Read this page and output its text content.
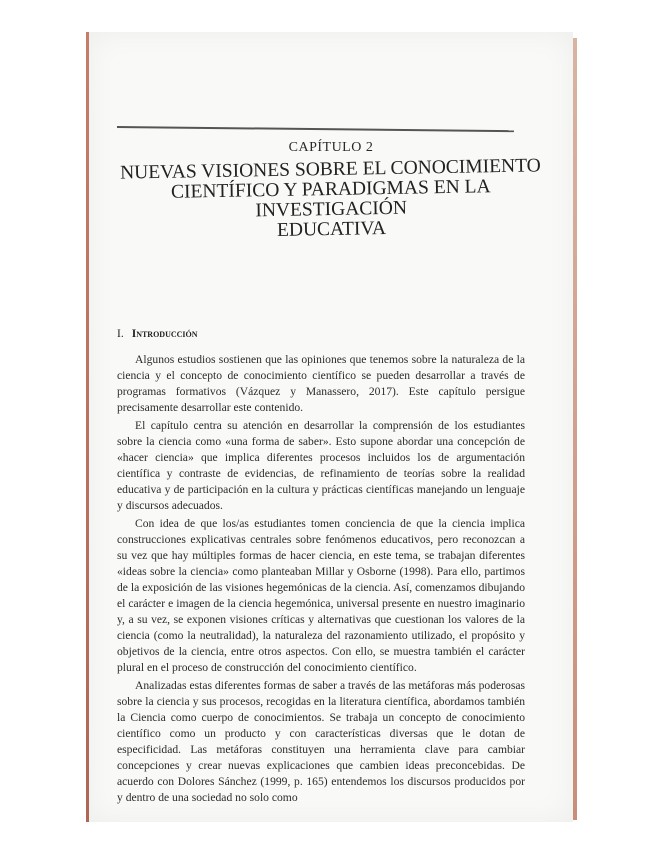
CAPÍTULO 2
NUEVAS VISIONES SOBRE EL CONOCIMIENTO
CIENTÍFICO Y PARADIGMAS EN LA INVESTIGACIÓN
EDUCATIVA
I. Introducción

Algunos estudios sostienen que las opiniones que tenemos sobre la naturaleza de la ciencia y el concepto de conocimiento científico se pueden desarrollar a través de programas formativos (Vázquez y Manassero, 2017). Este capítulo persigue precisamente desarrollar este contenido.

El capítulo centra su atención en desarrollar la comprensión de los estudiantes sobre la ciencia como «una forma de saber». Esto supone abordar una concepción de «hacer ciencia» que implica diferentes procesos incluidos los de argumentación científica y contraste de evidencias, de refinamiento de teorías sobre la realidad educativa y de participación en la cultura y prácticas científicas manejando un lenguaje y discursos adecuados.

Con idea de que los/as estudiantes tomen conciencia de que la ciencia implica construcciones explicativas centrales sobre fenómenos educativos, pero reconozcan a su vez que hay múltiples formas de hacer ciencia, en este tema, se trabajan diferentes «ideas sobre la ciencia» como planteaban Millar y Osborne (1998). Para ello, partimos de la exposición de las visiones hegemónicas de la ciencia. Así, comenzamos dibujando el carácter e imagen de la ciencia hegemónica, universal presente en nuestro imaginario y, a su vez, se exponen visiones críticas y alternativas que cuestionan los valores de la ciencia (como la neutralidad), la naturaleza del razonamiento utilizado, el propósito y objetivos de la ciencia, entre otros aspectos. Con ello, se muestra también el carácter plural en el proceso de construcción del conocimiento científico.

Analizadas estas diferentes formas de saber a través de las metáforas más poderosas sobre la ciencia y sus procesos, recogidas en la literatura científica, abordamos también la Ciencia como cuerpo de conocimientos. Se trabaja un concepto de conocimiento científico como un producto y con características diversas que le dotan de especificidad. Las metáforas constituyen una herramienta clave para cambiar concepciones y crear nuevas explicaciones que cambien ideas preconcebidas. De acuerdo con Dolores Sánchez (1999, p. 165) entendemos los discursos producidos por y dentro de una sociedad no solo como
